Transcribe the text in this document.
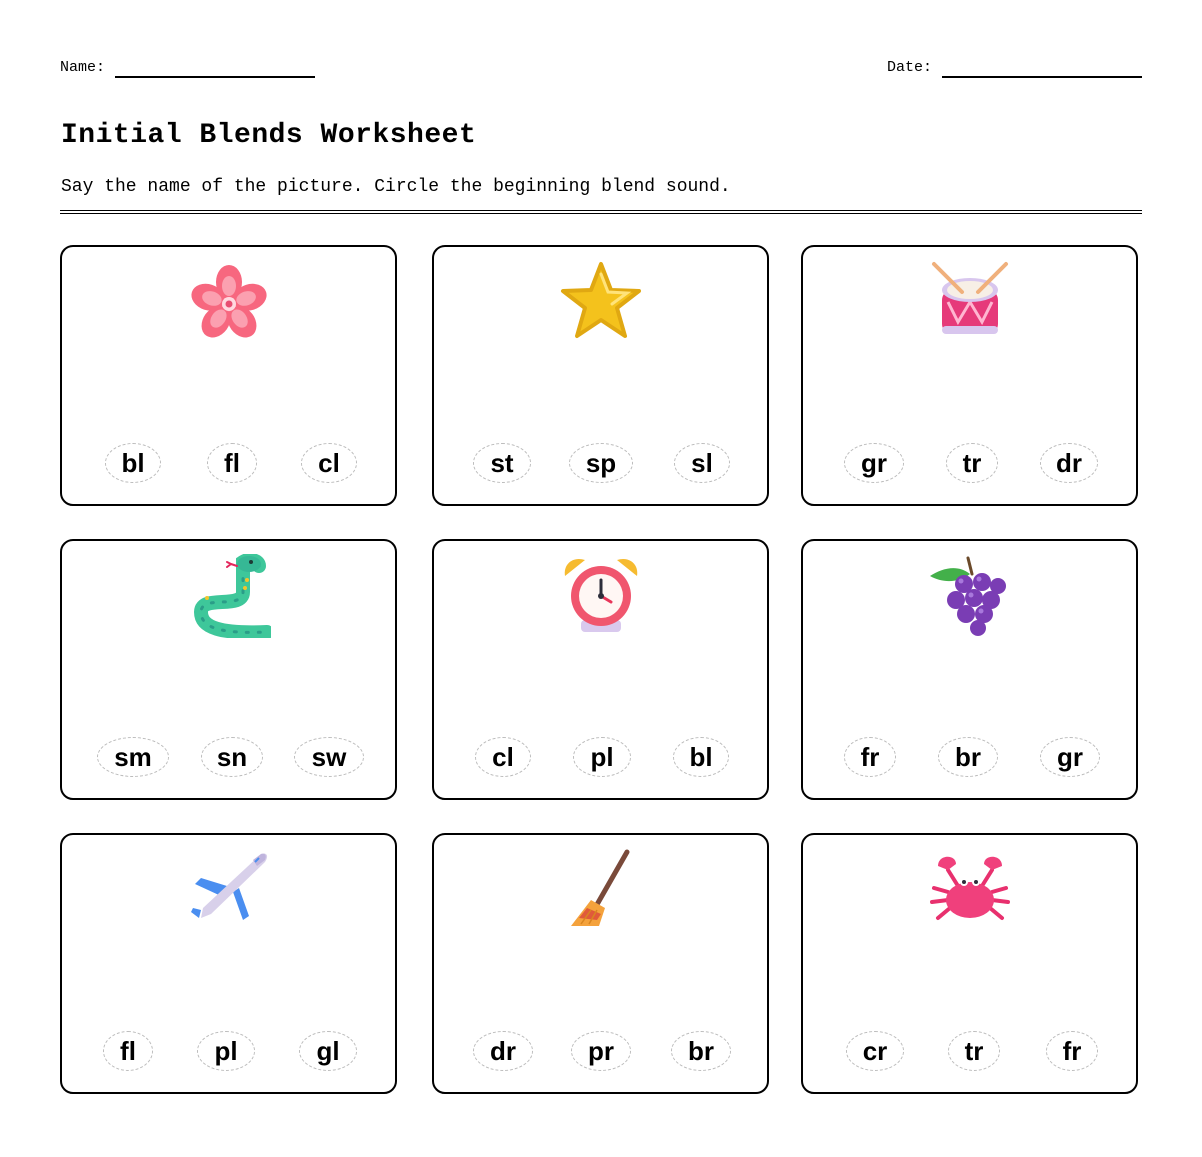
Name:	Date:
Initial Blends Worksheet
Say the name of the picture. Circle the beginning blend sound.
bl	fl	cl	st	sp	sl	gr	tr	dr
sm	sn	sw	cl	pl	bl	fr	br	gr
fl	pl	gl	dr	pr	br	cr	tr	fr
